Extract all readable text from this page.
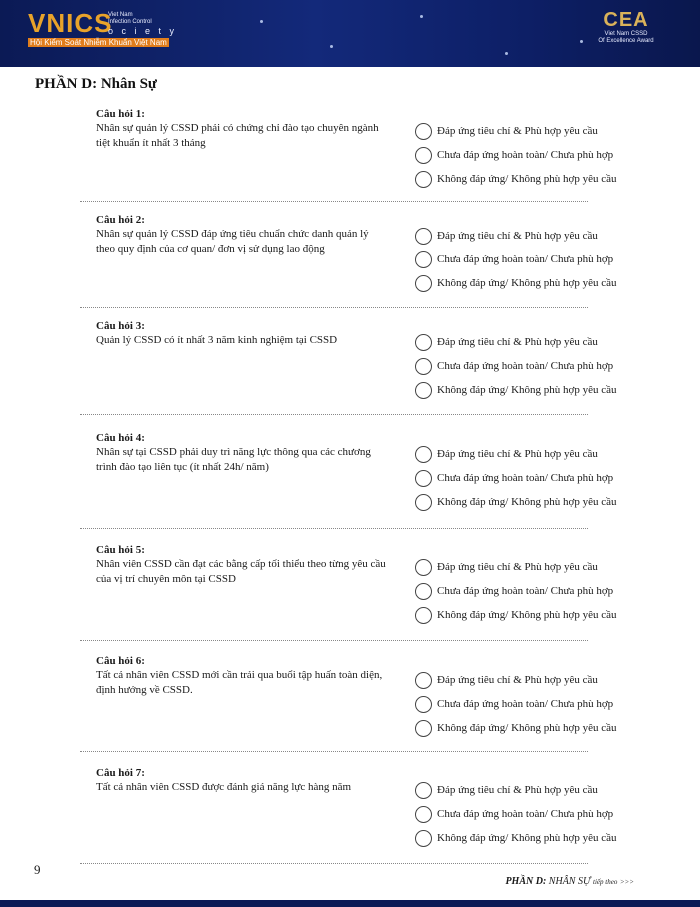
VNICS
Viet Nam
Infection Control
o c i e t y
Hội Kiểm Soát Nhiễm Khuẩn Việt Nam
CEA
Viet Nam CSSD
Of Excellence Award
PHẦN D: Nhân Sự
Câu hỏi 1:
Nhân sự quản lý CSSD phải có chứng chỉ đào tạo chuyên ngành tiệt khuẩn ít nhất 3 tháng
Đáp ứng tiêu chí & Phù hợp yêu cầu
Chưa đáp ứng hoàn toàn/ Chưa phù hợp
Không đáp ứng/ Không phù hợp yêu cầu
Câu hỏi 2:
Nhân sự quản lý CSSD đáp ứng tiêu chuẩn chức danh quản lý theo quy định của cơ quan/ đơn vị sử dụng lao động
Đáp ứng tiêu chí & Phù hợp yêu cầu
Chưa đáp ứng hoàn toàn/ Chưa phù hợp
Không đáp ứng/ Không phù hợp yêu cầu
Câu hỏi 3:
Quản lý CSSD có ít nhất 3 năm kinh nghiệm tại CSSD	Đáp ứng tiêu chí & Phù hợp yêu cầu
Chưa đáp ứng hoàn toàn/ Chưa phù hợp
Không đáp ứng/ Không phù hợp yêu cầu
Câu hỏi 4:
Nhân sự tại CSSD phải duy trì năng lực thông qua các chương trình đào tạo liên tục (ít nhất 24h/ năm)
Đáp ứng tiêu chí & Phù hợp yêu cầu
Chưa đáp ứng hoàn toàn/ Chưa phù hợp
Không đáp ứng/ Không phù hợp yêu cầu
Câu hỏi 5:
Nhân viên CSSD cần đạt các bằng cấp tối thiểu theo từng yêu cầu của vị trí chuyên môn tại CSSD
Đáp ứng tiêu chí & Phù hợp yêu cầu
Chưa đáp ứng hoàn toàn/ Chưa phù hợp
Không đáp ứng/ Không phù hợp yêu cầu
Câu hỏi 6:
Tất cả nhân viên CSSD mới cần trải qua buổi tập huấn toàn diện, định hướng về CSSD.
Đáp ứng tiêu chí & Phù hợp yêu cầu
Chưa đáp ứng hoàn toàn/ Chưa phù hợp
Không đáp ứng/ Không phù hợp yêu cầu
Câu hỏi 7:
Tất cả nhân viên CSSD được đánh giá năng lực hàng năm	Đáp ứng tiêu chí & Phù hợp yêu cầu
Chưa đáp ứng hoàn toàn/ Chưa phù hợp
Không đáp ứng/ Không phù hợp yêu cầu
9
PHẦN D: NHÂN SỰ tiếp theo >>>
